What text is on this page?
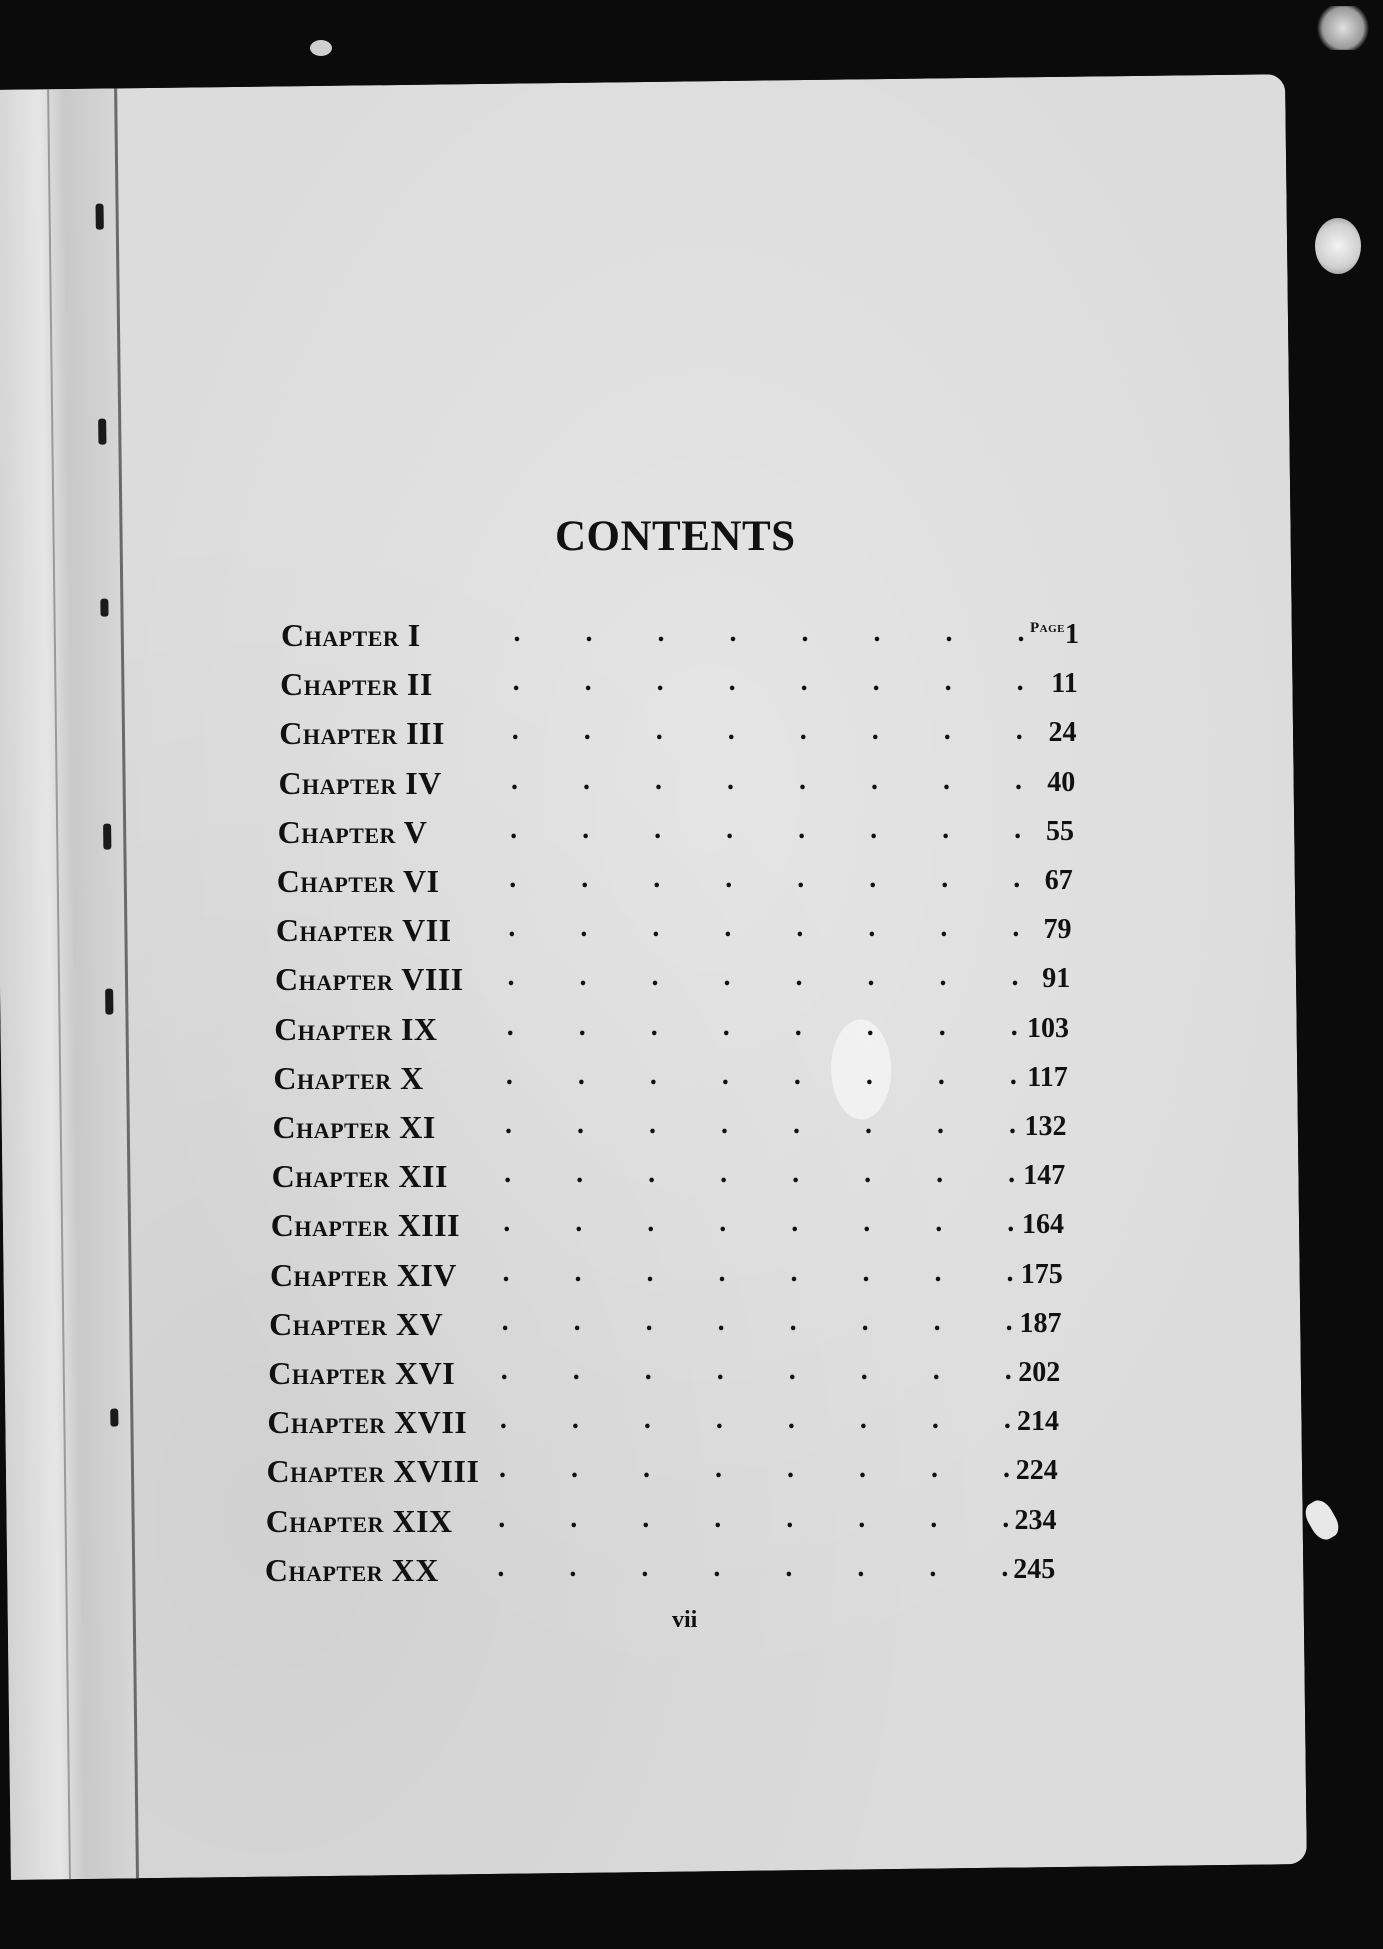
CONTENTS
Page
Chapter I	. . . . . . . .	1
Chapter II	. . . . . . . . 11
Chapter III	. . . . . . . . 24
Chapter IV	. . . . . . . . 40
Chapter V	. . . . . . . . 55
Chapter VI	. . . . . . . . 67
Chapter VII	. . . . . . . . 79
Chapter VIII	. . . . . . . . 91
Chapter IX	. . . . . . . . 103
Chapter X	. . . . . . . . 117
Chapter XI	. . . . . . . . 132
Chapter XII	. . . . . . . . 147
Chapter XIII	. . . . . . . . 164
Chapter XIV	. . . . . . . . 175
Chapter XV	. . . . . . . . 187
Chapter XVI	. . . . . . . . 202
Chapter XVII	. . . . . . . . 214
Chapter XVIII . . . . . . . . 224
Chapter XIX	. . . . . . . . 234
Chapter XX	. . . . . . . . 245
vii
